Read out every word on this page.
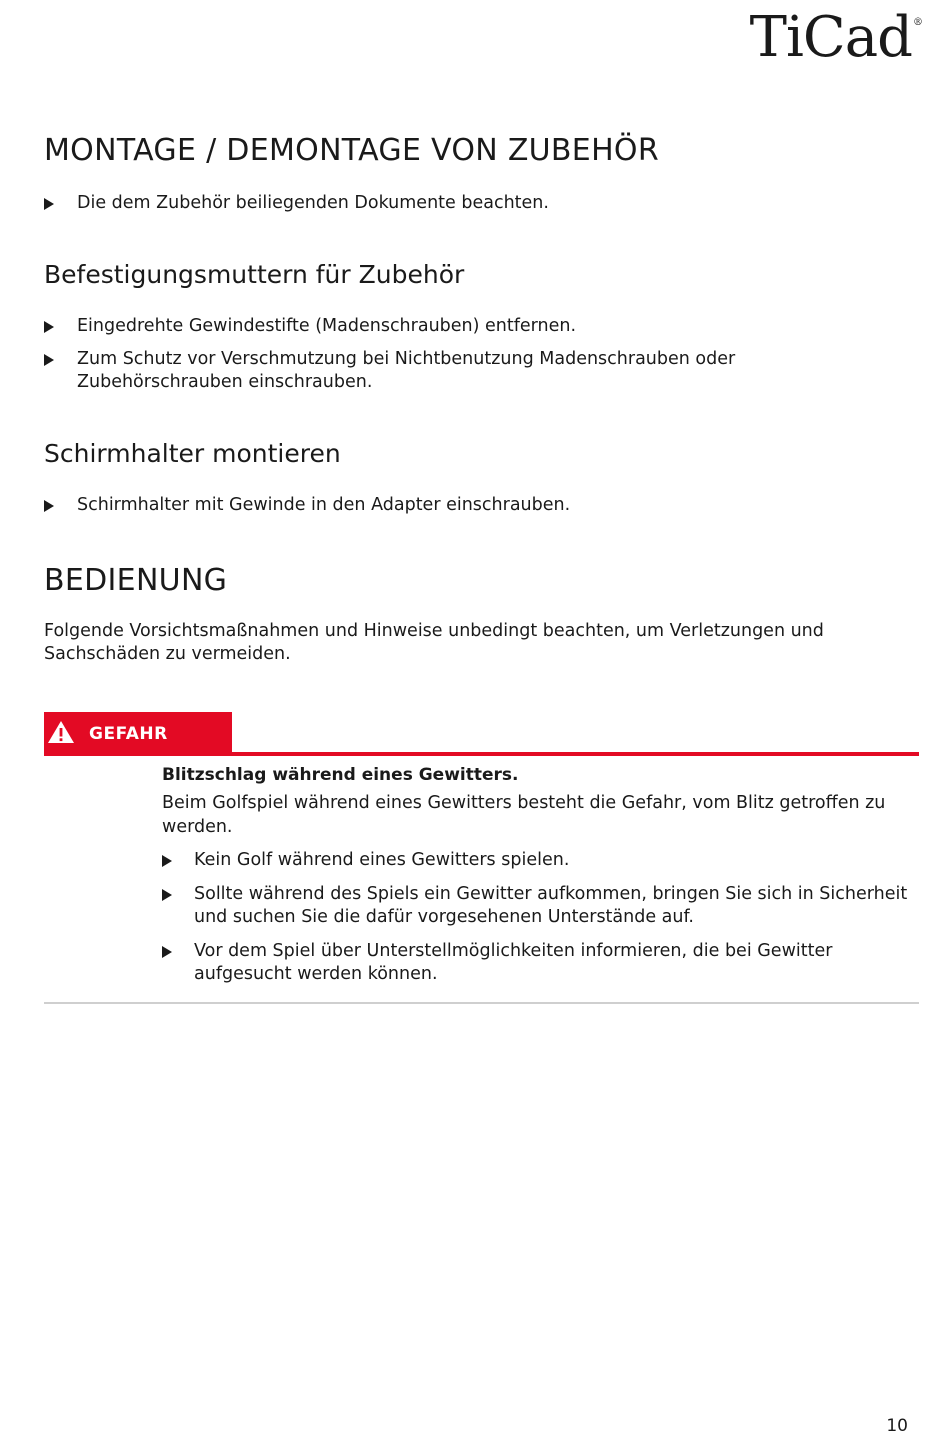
TiCad®
MONTAGE / DEMONTAGE VON ZUBEHÖR
Die dem Zubehör beiliegenden Dokumente beachten.
Befestigungsmuttern für Zubehör
Eingedrehte Gewindestifte (Madenschrauben) entfernen.
Zum Schutz vor Verschmutzung bei Nichtbenutzung Madenschrauben oder Zubehörschrauben einschrauben.
Schirmhalter montieren
Schirmhalter mit Gewinde in den Adapter einschrauben.
BEDIENUNG

Folgende Vorsichtsmaßnahmen und Hinweise unbedingt beachten, um Verletzungen und Sachschäden zu vermeiden.

GEFAHR

Blitzschlag während eines Gewitters.

Beim Golfspiel während eines Gewitters besteht die Gefahr, vom Blitz getroffen zu werden.

Kein Golf während eines Gewitters spielen.
Sollte während des Spiels ein Gewitter aufkommen, bringen Sie sich in Sicherheit und suchen Sie die dafür vorgesehenen Unterstände auf.
Vor dem Spiel über Unterstellmöglichkeiten informieren, die bei Gewitter aufgesucht werden können.
10
